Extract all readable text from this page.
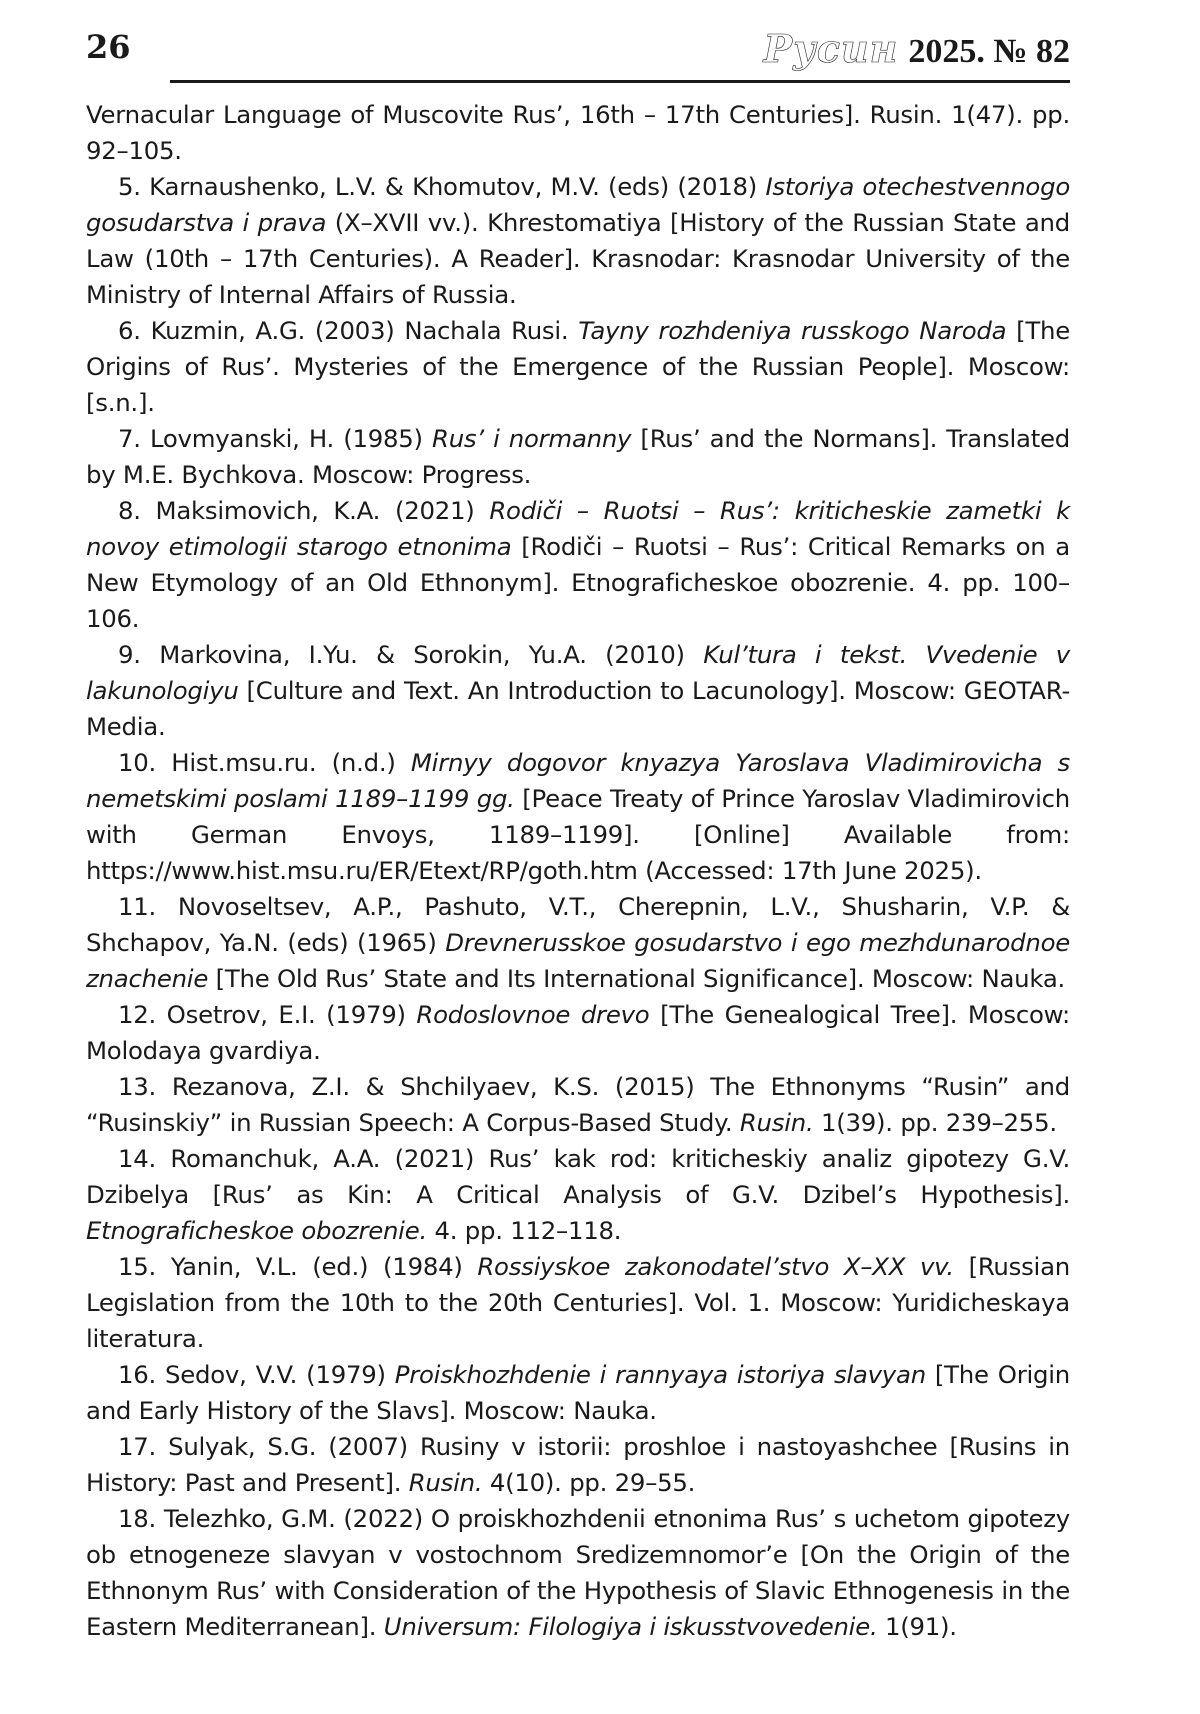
26	Русин 2025. № 82

Vernacular Language of Muscovite Rus’, 16th – 17th Centuries]. Rusin. 1(47). pp. 92–105.

5. Karnaushenko, L.V. & Khomutov, M.V. (eds) (2018) Istoriya otechestvennogo gosudarstva i prava (X–XVII vv.). Khrestomatiya [History of the Russian State and Law (10th – 17th Centuries). A Reader]. Krasnodar: Krasnodar University of the Ministry of Internal Affairs of Russia.

6. Kuzmin, A.G. (2003) Nachala Rusi. Tayny rozhdeniya russkogo Naroda [The Origins of Rus’. Mysteries of the Emergence of the Russian People]. Moscow: [s.n.].

7. Lovmyanski, H. (1985) Rus’ i normanny [Rus’ and the Normans]. Translated by M.E. Bychkova. Moscow: Progress.

8. Maksimovich, K.A. (2021) Rodiči – Ruotsi – Rus’: kriticheskie zametki k novoy etimologii starogo etnonima [Rodiči – Ruotsi – Rus’: Critical Remarks on a New Etymology of an Old Ethnonym]. Etnograficheskoe obozrenie. 4. pp. 100–106.

9. Markovina, I.Yu. & Sorokin, Yu.A. (2010) Kul’tura i tekst. Vvedenie v lakunologiyu [Culture and Text. An Introduction to Lacunology]. Moscow: GEOTAR-Media.

10. Hist.msu.ru. (n.d.) Mirnyy dogovor knyazya Yaroslava Vladimirovicha s nemetskimi poslami 1189–1199 gg. [Peace Treaty of Prince Yaroslav Vladimirovich with German Envoys, 1189–1199]. [Online] Available from: https://www.hist.msu.ru/ER/Etext/RP/goth.htm (Accessed: 17th June 2025).

11. Novoseltsev, A.P., Pashuto, V.T., Cherepnin, L.V., Shusharin, V.P. & Shchapov, Ya.N. (eds) (1965) Drevnerusskoe gosudarstvo i ego mezhdunarodnoe znachenie [The Old Rus’ State and Its International Significance]. Moscow: Nauka.

12. Osetrov, E.I. (1979) Rodoslovnoe drevo [The Genealogical Tree]. Moscow: Molodaya gvardiya.

13. Rezanova, Z.I. & Shchilyaev, K.S. (2015) The Ethnonyms “Rusin” and “Rusinskiy” in Russian Speech: A Corpus-Based Study. Rusin. 1(39). pp. 239–255.

14. Romanchuk, A.A. (2021) Rus’ kak rod: kriticheskiy analiz gipotezy G.V. Dzibelya [Rus’ as Kin: A Critical Analysis of G.V. Dzibel’s Hypothesis]. Etnograficheskoe obozrenie. 4. pp. 112–118.

15. Yanin, V.L. (ed.) (1984) Rossiyskoe zakonodatel’stvo X–XX vv. [Russian Legislation from the 10th to the 20th Centuries]. Vol. 1. Moscow: Yuridicheskaya literatura.

16. Sedov, V.V. (1979) Proiskhozhdenie i rannyaya istoriya slavyan [The Origin and Early History of the Slavs]. Moscow: Nauka.

17. Sulyak, S.G. (2007) Rusiny v istorii: proshloe i nastoyashchee [Rusins in History: Past and Present]. Rusin. 4(10). pp. 29–55.

18. Telezhko, G.M. (2022) O proiskhozhdenii etnonima Rus’ s uchetom gipotezy ob etnogeneze slavyan v vostochnom Sredizemnomor’e [On the Origin of the Ethnonym Rus’ with Consideration of the Hypothesis of Slavic Ethnogenesis in the Eastern Mediterranean]. Universum: Filologiya i iskusstvovedenie. 1(91).
